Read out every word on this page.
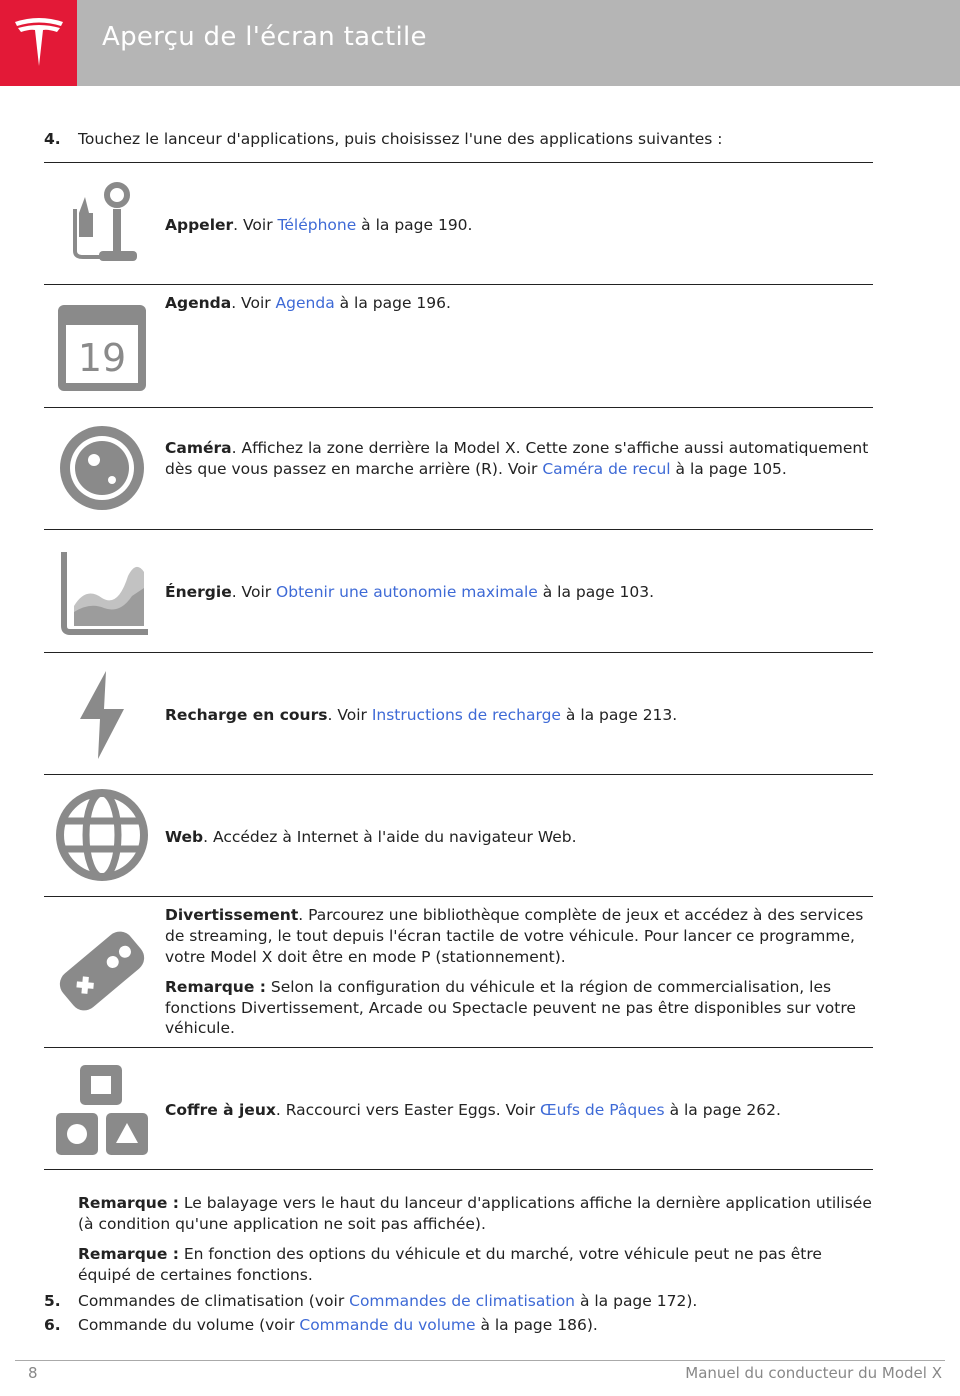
Aperçu de l'écran tactile
4. Touchez le lanceur d'applications, puis choisissez l'une des applications suivantes :
Appeler. Voir Téléphone à la page 190.
19
Agenda. Voir Agenda à la page 196.
Caméra. Affichez la zone derrière la Model X. Cette zone s'affiche aussi automatiquement dès que vous passez en marche arrière (R). Voir Caméra de recul à la page 105.
Énergie. Voir Obtenir une autonomie maximale à la page 103.
Recharge en cours. Voir Instructions de recharge à la page 213.
Web. Accédez à Internet à l'aide du navigateur Web.

Divertissement. Parcourez une bibliothèque complète de jeux et accédez à des services de streaming, le tout depuis l'écran tactile de votre véhicule. Pour lancer ce programme, votre Model X doit être en mode P (stationnement).

Remarque : Selon la configuration du véhicule et la région de commercialisation, les fonctions Divertissement, Arcade ou Spectacle peuvent ne pas être disponibles sur votre véhicule.

Coffre à jeux. Raccourci vers Easter Eggs. Voir Œufs de Pâques à la page 262.

Remarque : Le balayage vers le haut du lanceur d'applications affiche la dernière application utilisée (à condition qu'une application ne soit pas affichée).

Remarque : En fonction des options du véhicule et du marché, votre véhicule peut ne pas être équipé de certaines fonctions.

5. Commandes de climatisation (voir Commandes de climatisation à la page 172).
6. Commande du volume (voir Commande du volume à la page 186).
8	Manuel du conducteur du Model X
